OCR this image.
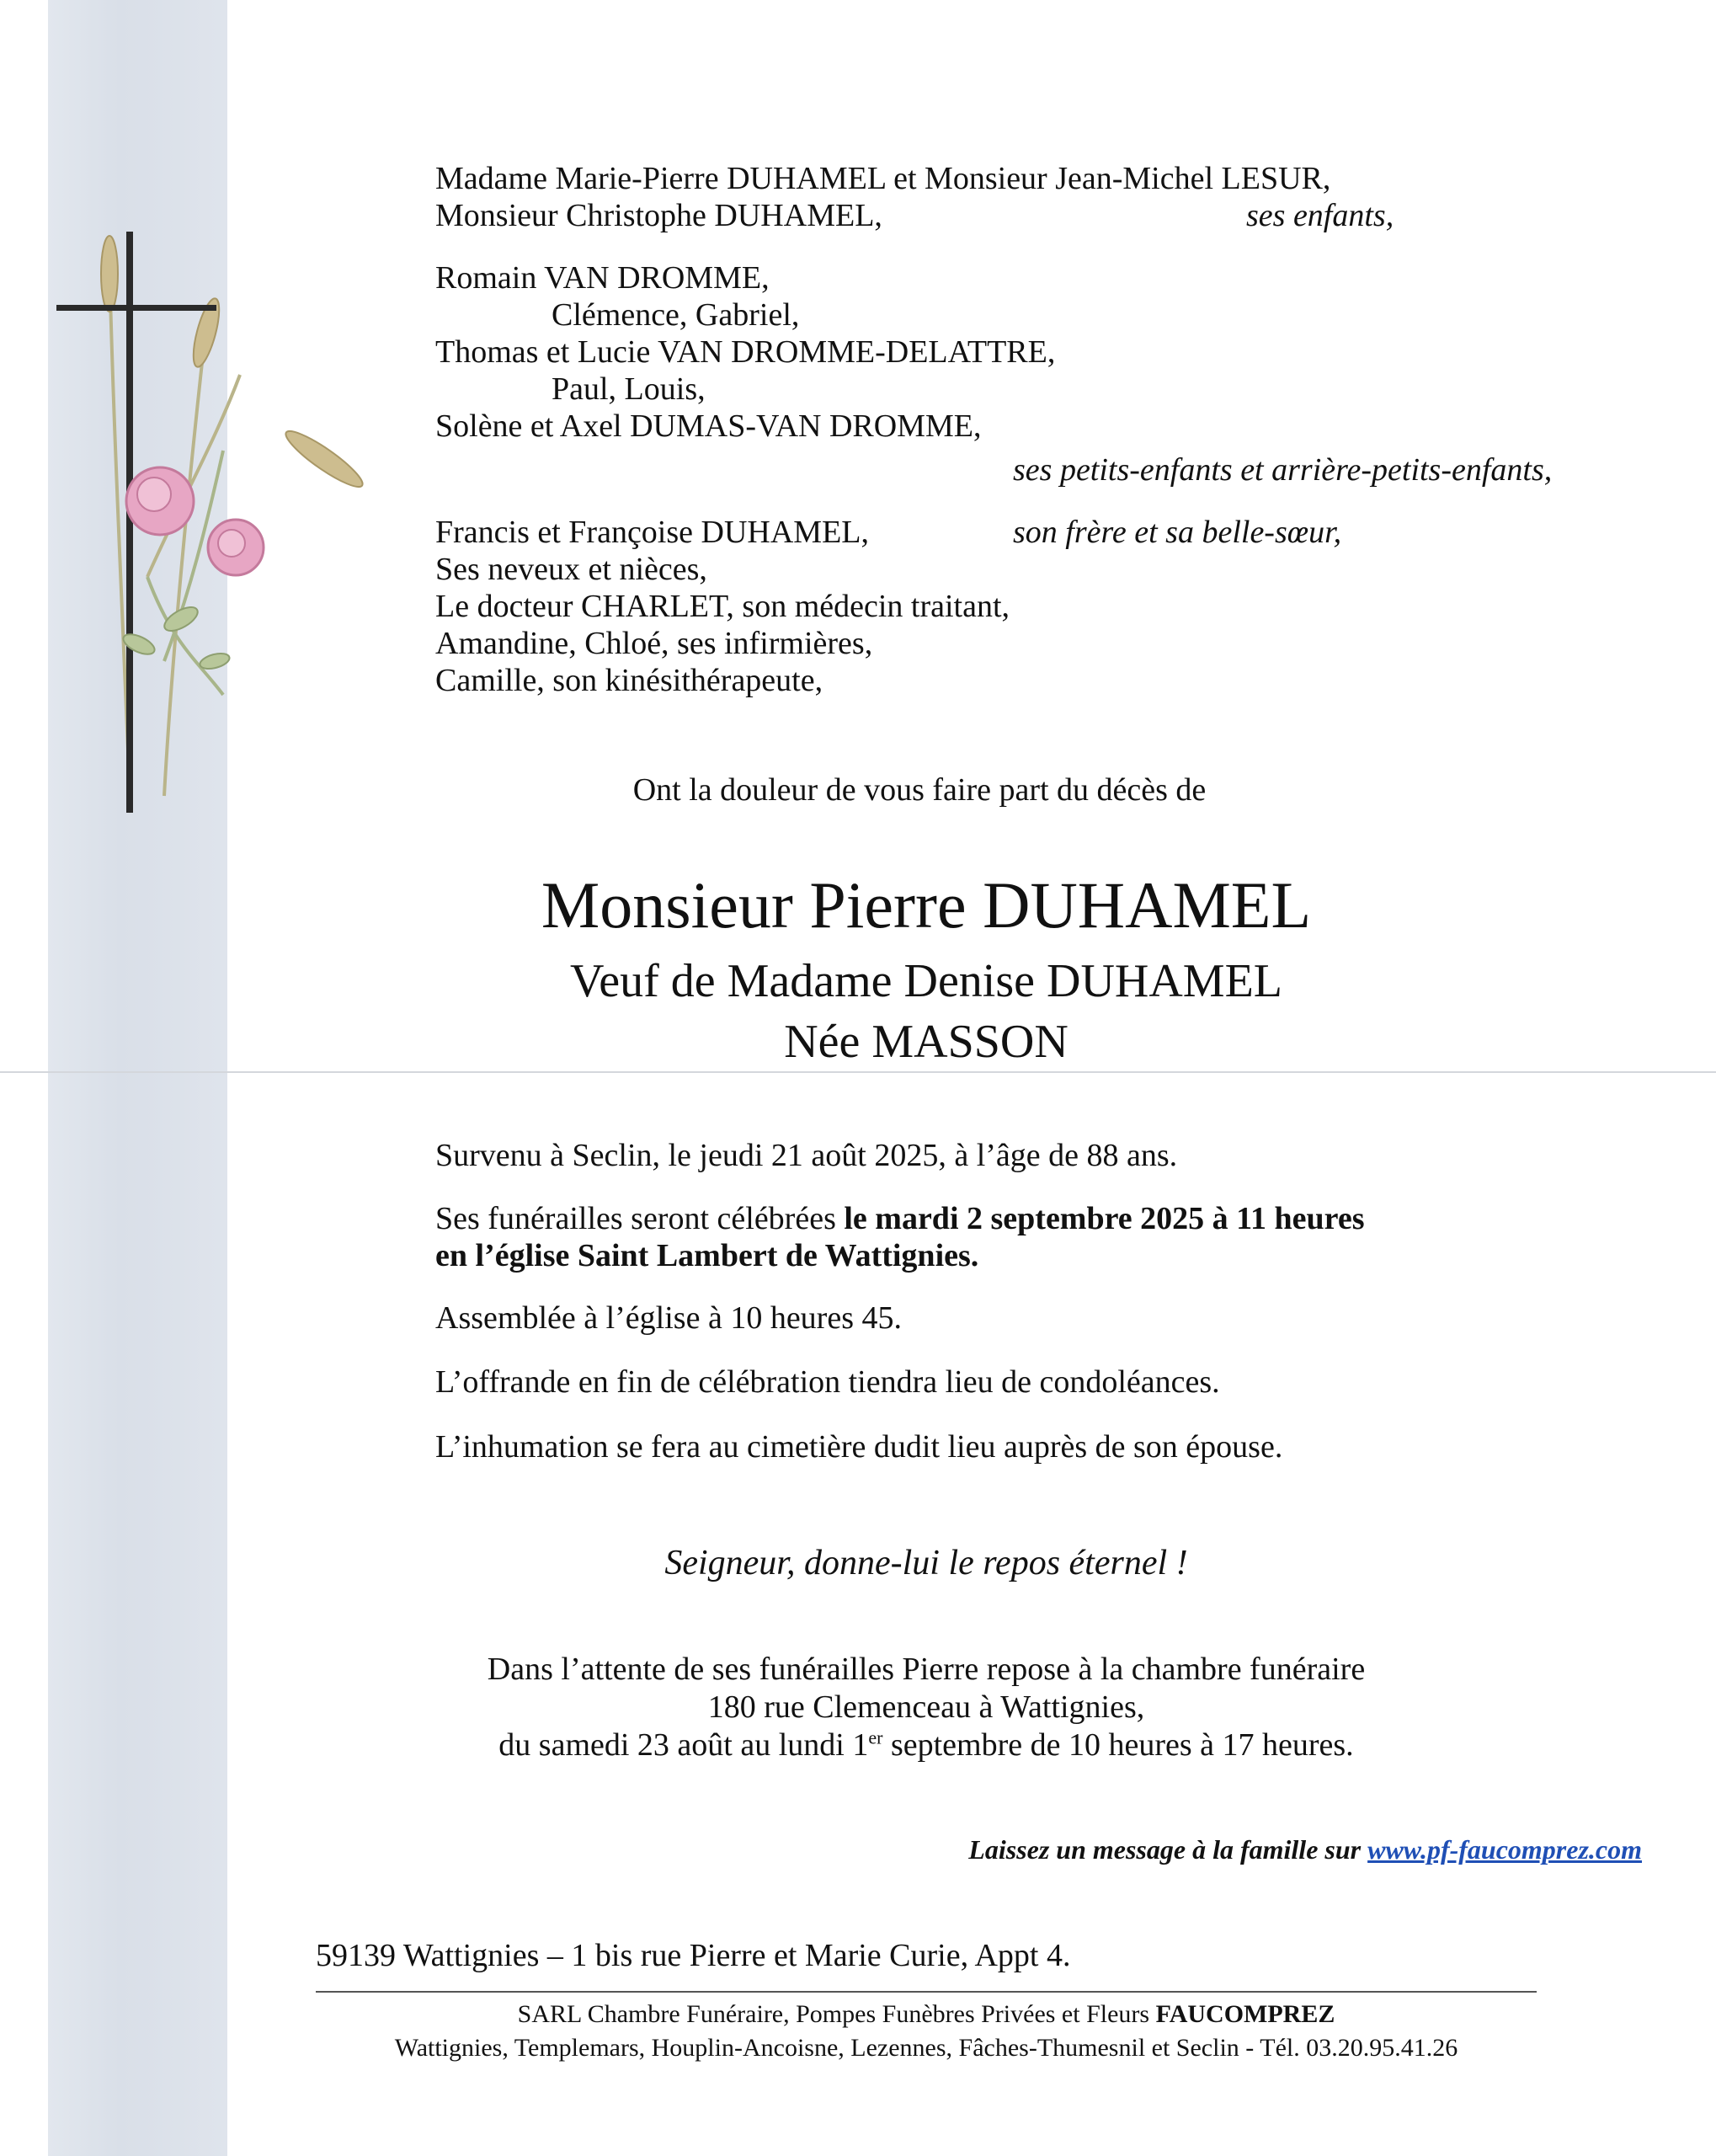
Madame Marie-Pierre DUHAMEL et Monsieur Jean-Michel LESUR,
Monsieur Christophe DUHAMEL,	ses enfants,
Romain VAN DROMME,
Clémence, Gabriel,
Thomas et Lucie VAN DROMME-DELATTRE,
Paul, Louis,
Solène et Axel DUMAS-VAN DROMME,
ses petits-enfants et arrière-petits-enfants,
Francis et Françoise DUHAMEL,	son frère et sa belle-sœur,
Ses neveux et nièces,
Le docteur CHARLET, son médecin traitant,
Amandine, Chloé, ses infirmières,
Camille, son kinésithérapeute,
Ont la douleur de vous faire part du décès de
Monsieur Pierre DUHAMEL
Veuf de Madame Denise DUHAMEL
Née MASSON
Survenu à Seclin, le jeudi 21 août 2025, à l’âge de 88 ans.
Ses funérailles seront célébrées le mardi 2 septembre 2025 à 11 heures
en l’église Saint Lambert de Wattignies.
Assemblée à l’église à 10 heures 45.
L’offrande en fin de célébration tiendra lieu de condoléances.
L’inhumation se fera au cimetière dudit lieu auprès de son épouse.
Seigneur, donne-lui le repos éternel !
Dans l’attente de ses funérailles Pierre repose à la chambre funéraire
180 rue Clemenceau à Wattignies,
du samedi 23 août au lundi 1er septembre de 10 heures à 17 heures.
Laissez un message à la famille sur www.pf-faucomprez.com
59139 Wattignies – 1 bis rue Pierre et Marie Curie, Appt 4.
SARL Chambre Funéraire, Pompes Funèbres Privées et Fleurs FAUCOMPREZ
Wattignies, Templemars, Houplin-Ancoisne, Lezennes, Fâches-Thumesnil et Seclin - Tél. 03.20.95.41.26
